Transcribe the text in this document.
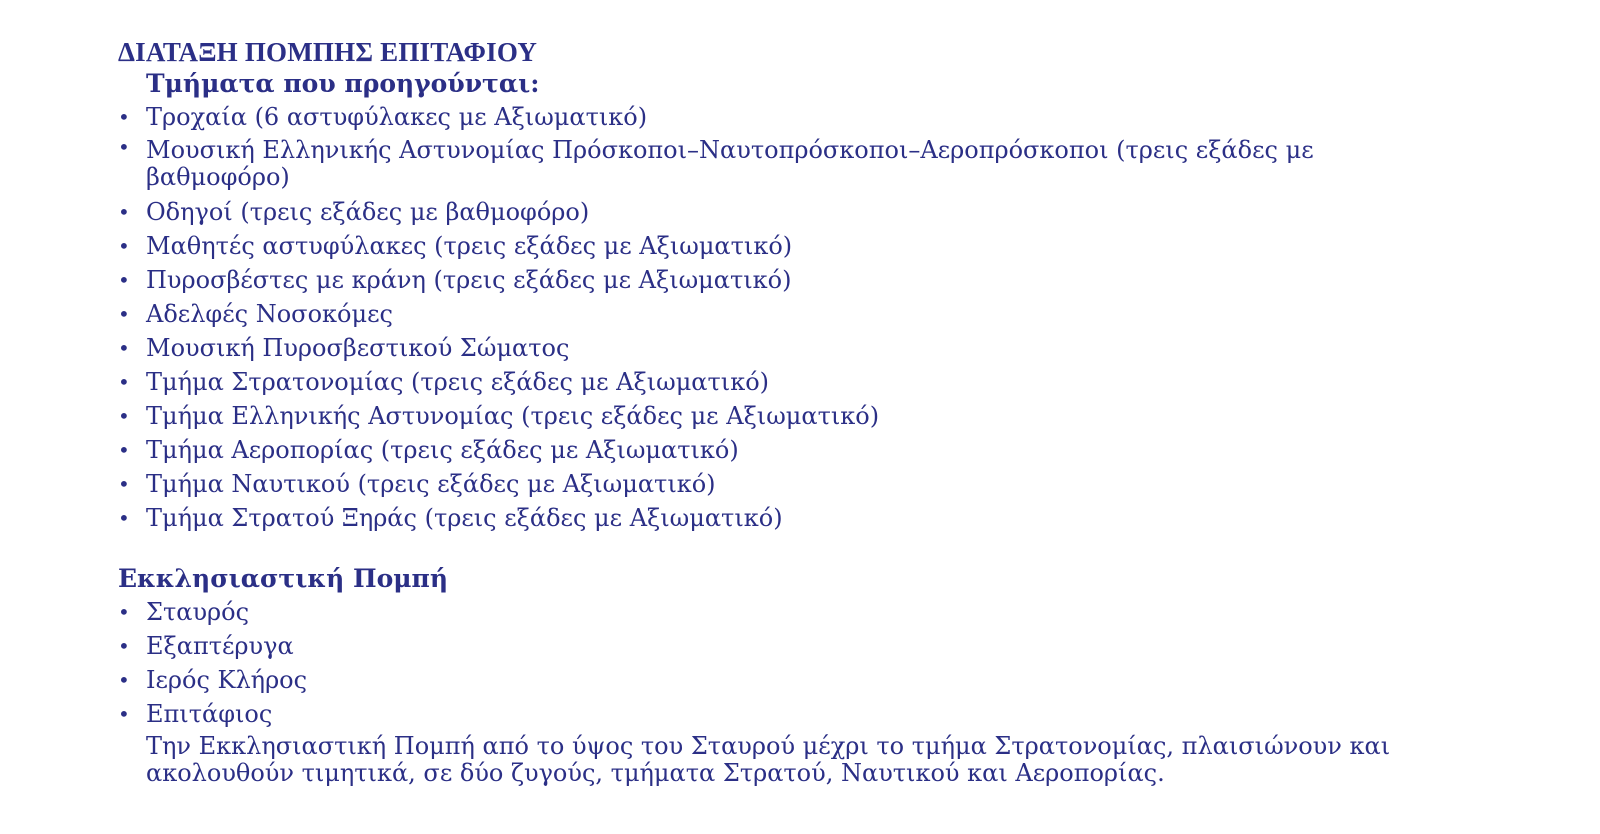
ΔΙΑΤΑΞΗ ΠΟΜΠΗΣ ΕΠΙΤΑΦΙΟΥ
Τμήματα που προηγούνται:
• Τροχαία (6 αστυφύλακες με Αξιωματικό)
• Μουσική Ελληνικής Αστυνομίας Πρόσκοποι–Ναυτοπρόσκοποι–Αεροπρόσκοποι (τρεις εξάδες με βαθμοφόρο)
• Οδηγοί (τρεις εξάδες με βαθμοφόρο)
• Μαθητές αστυφύλακες (τρεις εξάδες με Αξιωματικό)
• Πυροσβέστες με κράνη (τρεις εξάδες με Αξιωματικό)
• Αδελφές Νοσοκόμες
• Μουσική Πυροσβεστικού Σώματος
• Τμήμα Στρατονομίας (τρεις εξάδες με Αξιωματικό)
• Τμήμα Ελληνικής Αστυνομίας (τρεις εξάδες με Αξιωματικό)
• Τμήμα Αεροπορίας (τρεις εξάδες με Αξιωματικό)
• Τμήμα Ναυτικού (τρεις εξάδες με Αξιωματικό)
• Τμήμα Στρατού Ξηράς (τρεις εξάδες με Αξιωματικό)
Εκκλησιαστική Πομπή
• Σταυρός
• Εξαπτέρυγα
• Ιερός Κλήρος
• Επιτάφιος

Την Εκκλησιαστική Πομπή από το ύψος του Σταυρού μέχρι το τμήμα Στρατονομίας, πλαισιώνουν και ακολουθούν τιμητικά, σε δύο ζυγούς, τμήματα Στρατού, Ναυτικού και Αεροπορίας.
